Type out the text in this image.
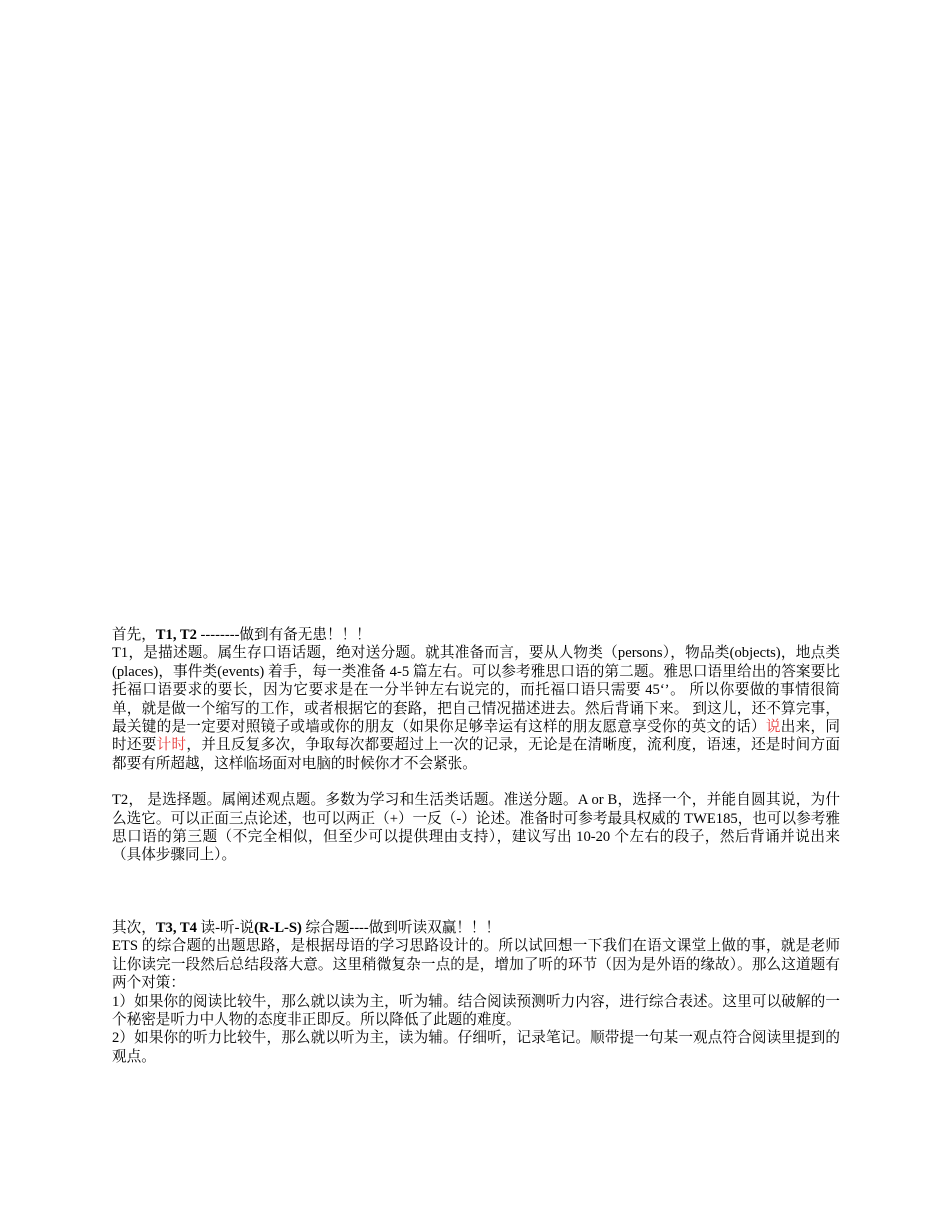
首先，T1, T2 --------做到有备无患！！！

T1，是描述题。属生存口语话题，绝对送分题。就其准备而言，要从人物类（persons），物品类(objects)，地点类(places)，事件类(events) 着手，每一类准备 4-5 篇左右。可以参考雅思口语的第二题。雅思口语里给出的答案要比托福口语要求的要长，因为它要求是在一分半钟左右说完的，而托福口语只需要 45‘’。 所以你要做的事情很简单，就是做一个缩写的工作，或者根据它的套路，把自己情况描述进去。然后背诵下来。 到这儿，还不算完事，最关键的是一定要对照镜子或墙或你的朋友（如果你足够幸运有这样的朋友愿意享受你的英文的话）说出来，同时还要计时，并且反复多次，争取每次都要超过上一次的记录，无论是在清晰度，流利度，语速，还是时间方面都要有所超越，这样临场面对电脑的时候你才不会紧张。

T2， 是选择题。属阐述观点题。多数为学习和生活类话题。准送分题。A or B，选择一个，并能自圆其说，为什么选它。可以正面三点论述，也可以两正（+）一反（-）论述。准备时可参考最具权威的 TWE185，也可以参考雅思口语的第三题（不完全相似，但至少可以提供理由支持），建议写出 10-20 个左右的段子，然后背诵并说出来（具体步骤同上）。

其次，T3, T4 读-听-说(R-L-S) 综合题----做到听读双赢！！！

ETS 的综合题的出题思路，是根据母语的学习思路设计的。所以试回想一下我们在语文课堂上做的事，就是老师让你读完一段然后总结段落大意。这里稍微复杂一点的是，增加了听的环节（因为是外语的缘故）。那么这道题有两个对策：

1）如果你的阅读比较牛，那么就以读为主，听为辅。结合阅读预测听力内容，进行综合表述。这里可以破解的一个秘密是听力中人物的态度非正即反。所以降低了此题的难度。

2）如果你的听力比较牛，那么就以听为主，读为辅。仔细听，记录笔记。顺带提一句某一观点符合阅读里提到的观点。
